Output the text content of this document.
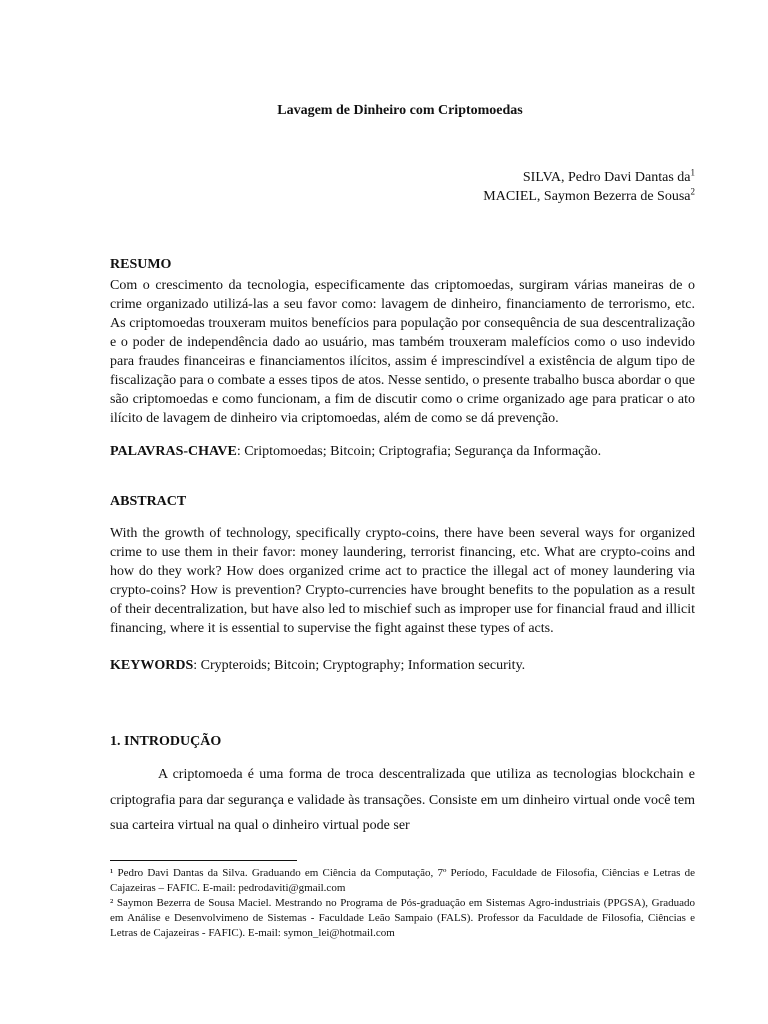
Lavagem de Dinheiro com Criptomoedas
SILVA, Pedro Davi Dantas $da^1$
MACIEL, Saymon Bezerra de Sousa$^2$
RESUMO
Com o crescimento da tecnologia, especificamente das criptomoedas, surgiram várias maneiras de o crime organizado utilizá-las a seu favor como: lavagem de dinheiro, financiamento de terrorismo, etc. As criptomoedas trouxeram muitos benefícios para população por consequência de sua descentralização e o poder de independência dado ao usuário, mas também trouxeram malefícios como o uso indevido para fraudes financeiras e financiamentos ilícitos, assim é imprescindível a existência de algum tipo de fiscalização para o combate a esses tipos de atos. Nesse sentido, o presente trabalho busca abordar o que são criptomoedas e como funcionam, a fim de discutir como o crime organizado age para praticar o ato ilícito de lavagem de dinheiro via criptomoedas, além de como se dá prevenção.
PALAVRAS-CHAVE: Criptomoedas; Bitcoin; Criptografia; Segurança da Informação.
ABSTRACT
With the growth of technology, specifically crypto-coins, there have been several ways for organized crime to use them in their favor: money laundering, terrorist financing, etc. What are crypto-coins and how do they work? How does organized crime act to practice the illegal act of money laundering via crypto-coins? How is prevention? Crypto-currencies have brought benefits to the population as a result of their decentralization, but have also led to mischief such as improper use for financial fraud and illicit financing, where it is essential to supervise the fight against these types of acts.
KEYWORDS: Crypteroids; Bitcoin; Cryptography; Information security.
1. INTRODUÇÃO
A criptomoeda é uma forma de troca descentralizada que utiliza as tecnologias blockchain e criptografia para dar segurança e validade às transações. Consiste em um dinheiro virtual onde você tem sua carteira virtual na qual o dinheiro virtual pode ser

¹ Pedro Davi Dantas da Silva. Graduando em Ciência da Computação, 7º Período, Faculdade de Filosofia, Ciências e Letras de Cajazeiras – FAFIC. E-mail: pedrodaviti@gmail.com

² Saymon Bezerra de Sousa Maciel. Mestrando no Programa de Pós-graduação em Sistemas Agro-industriais (PPGSA), Graduado em Análise e Desenvolvimeno de Sistemas - Faculdade Leão Sampaio (FALS). Professor da Faculdade de Filosofia, Ciências e Letras de Cajazeiras - FAFIC). E-mail: symon_lei@hotmail.com
